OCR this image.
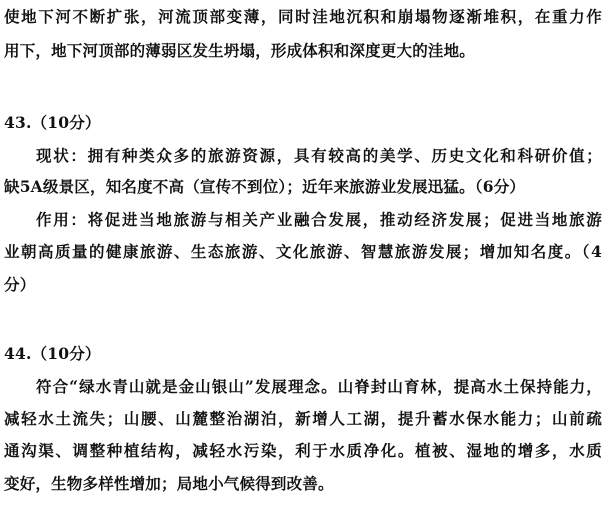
使地下河不断扩张，河流顶部变薄，同时洼地沉积和崩塌物逐渐堆积，在重力作
用下，地下河顶部的薄弱区发生坍塌，形成体积和深度更大的洼地。
43.（10分）
现状：拥有种类众多的旅游资源，具有较高的美学、历史文化和科研价值；
缺5A级景区，知名度不高（宣传不到位）；近年来旅游业发展迅猛。（6分）
作用：将促进当地旅游与相关产业融合发展，推动经济发展；促进当地旅游
业朝高质量的健康旅游、生态旅游、文化旅游、智慧旅游发展；增加知名度。（4
分）
44.（10分）
符合“绿水青山就是金山银山”发展理念。山脊封山育林，提高水土保持能力，
减轻水土流失；山腰、山麓整治湖泊，新增人工湖，提升蓄水保水能力；山前疏
通沟渠、调整种植结构，减轻水污染，利于水质净化。植被、湿地的增多，水质
变好，生物多样性增加；局地小气候得到改善。
